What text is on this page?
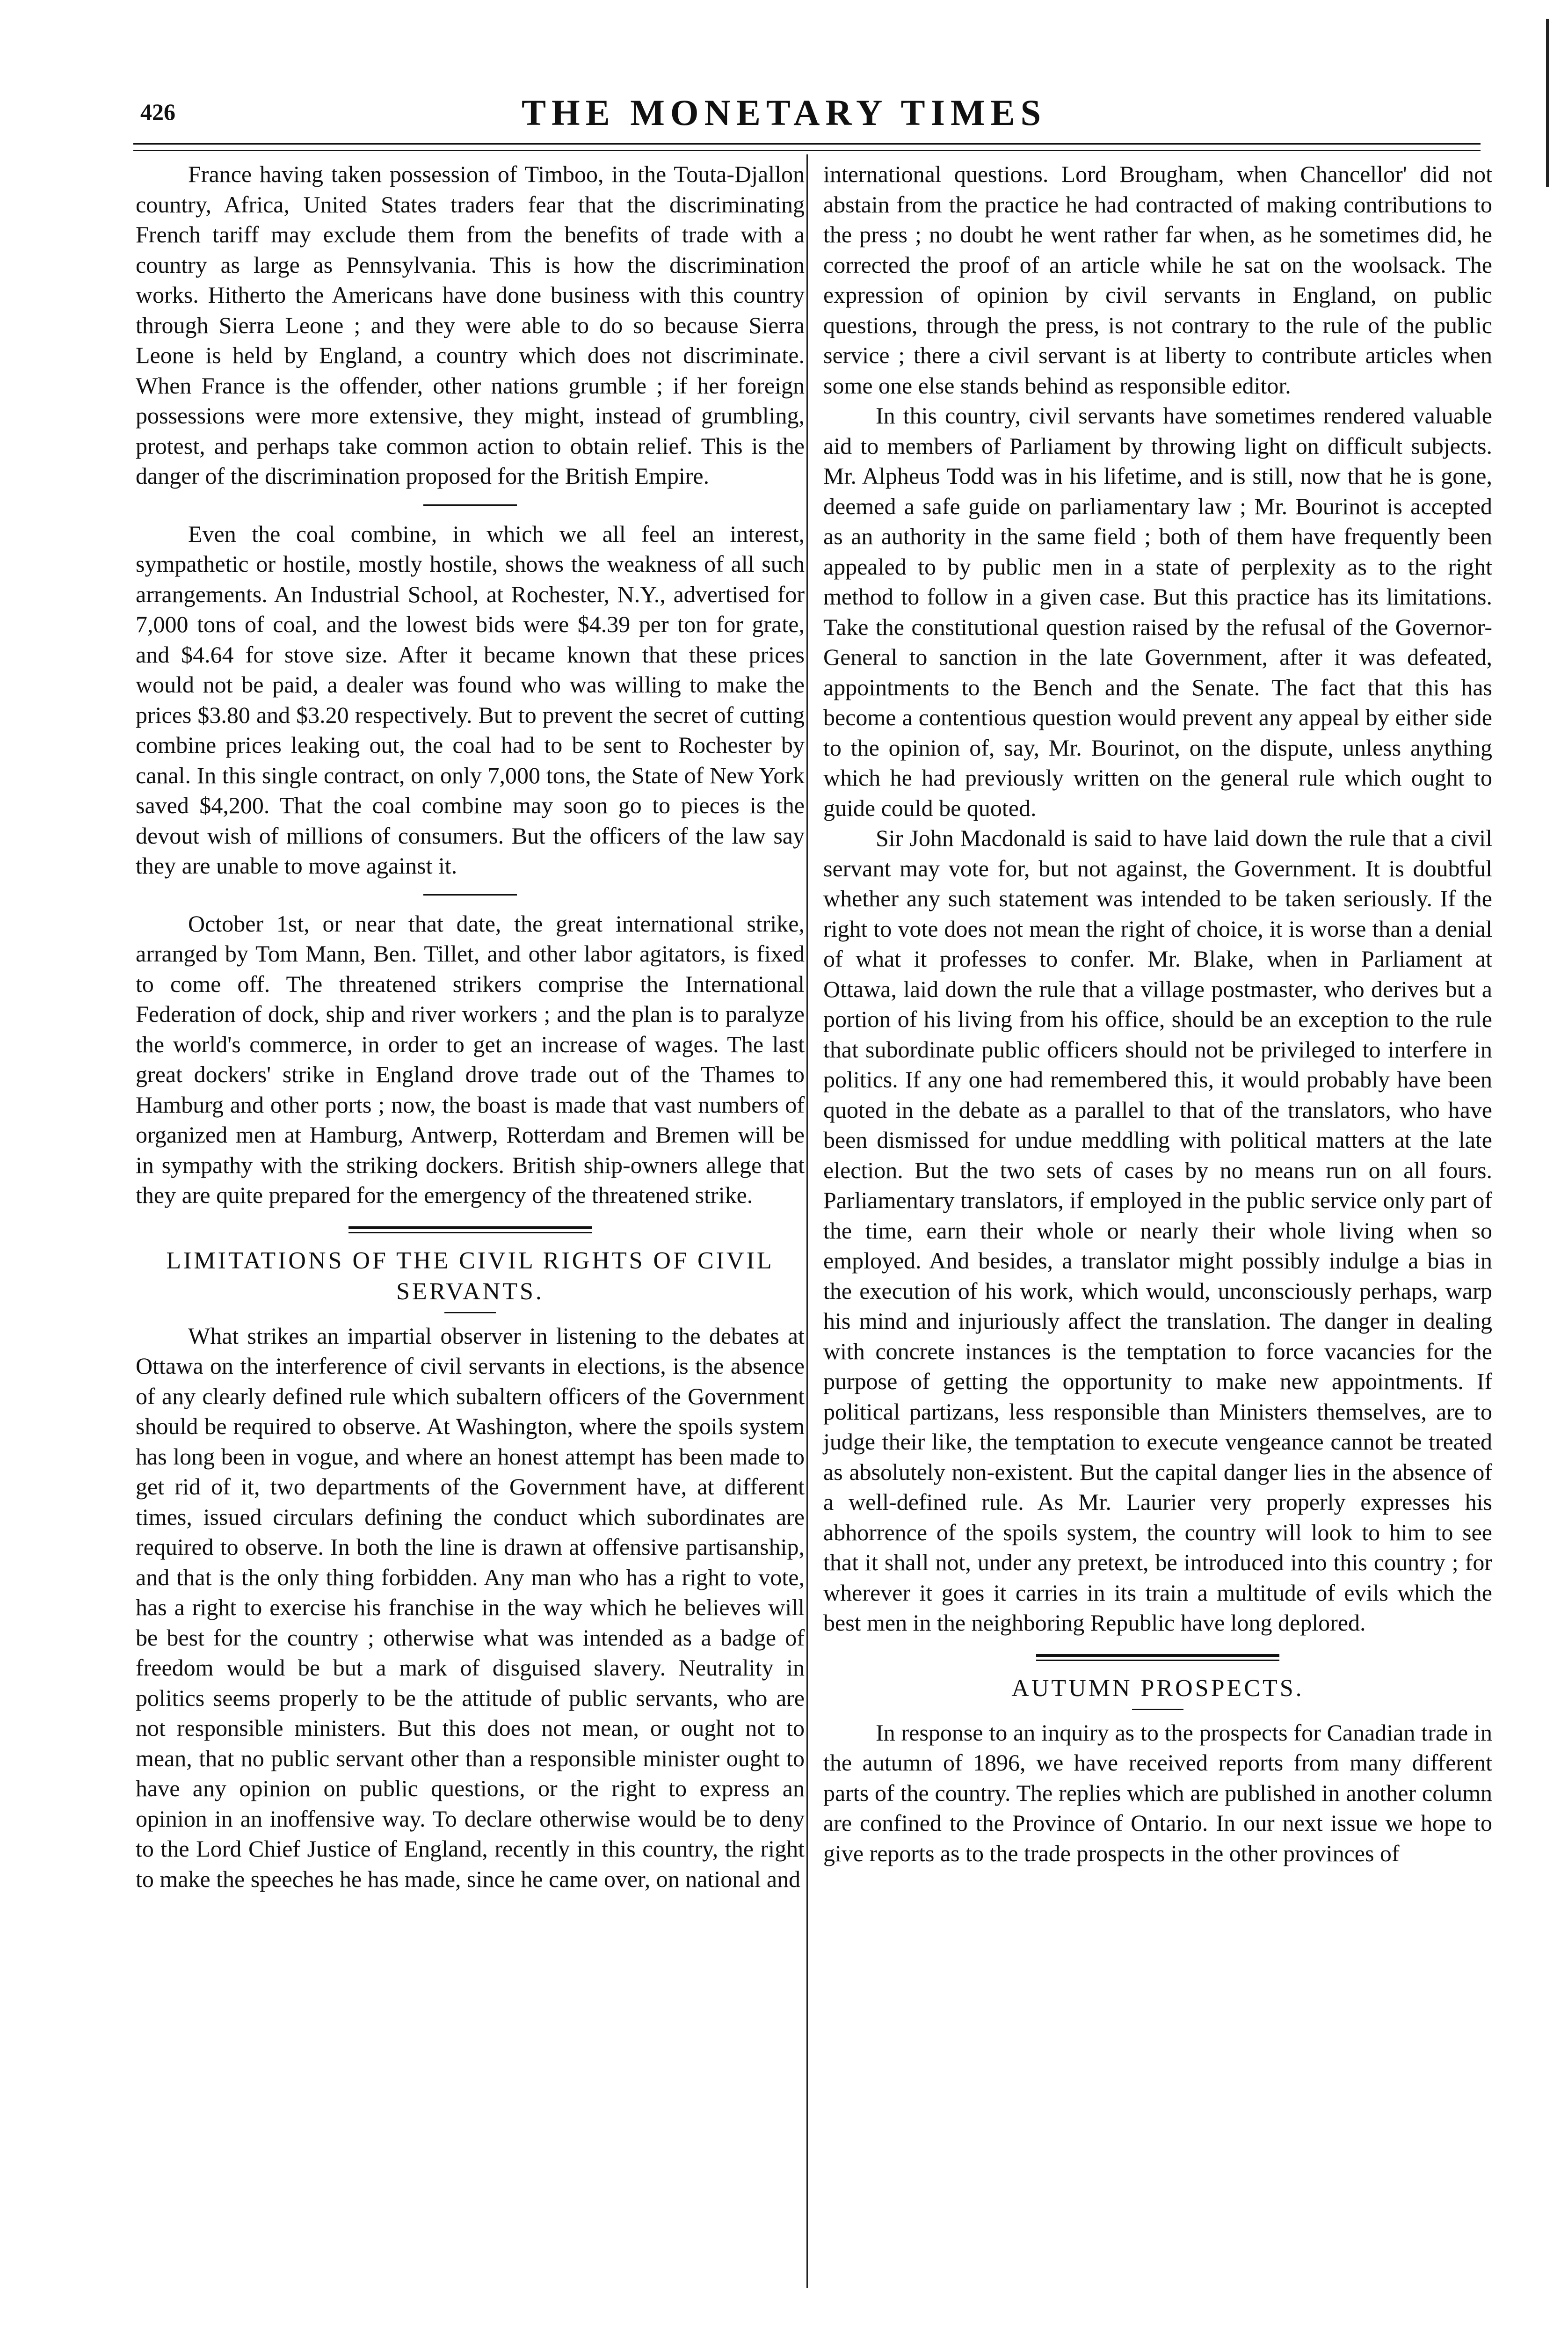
426	THE MONETARY TIMES

France having taken possession of Timboo, in the Touta-Djallon country, Africa, United States traders fear that the discriminating French tariff may exclude them from the benefits of trade with a country as large as Pennsylvania. This is how the discrimination works. Hitherto the Americans have done business with this country through Sierra Leone ; and they were able to do so because Sierra Leone is held by England, a country which does not discriminate. When France is the offender, other nations grumble ; if her foreign possessions were more extensive, they might, instead of grumbling, protest, and perhaps take common action to obtain relief. This is the danger of the discrimination proposed for the British Empire.

Even the coal combine, in which we all feel an interest, sympathetic or hostile, mostly hostile, shows the weakness of all such arrangements. An Industrial School, at Rochester, N.Y., advertised for 7,000 tons of coal, and the lowest bids were $4.39 per ton for grate, and $4.64 for stove size. After it became known that these prices would not be paid, a dealer was found who was willing to make the prices $3.80 and $3.20 respectively. But to prevent the secret of cutting combine prices leaking out, the coal had to be sent to Rochester by canal. In this single contract, on only 7,000 tons, the State of New York saved $4,200. That the coal combine may soon go to pieces is the devout wish of millions of consumers. But the officers of the law say they are unable to move against it.

October 1st, or near that date, the great international strike, arranged by Tom Mann, Ben. Tillet, and other labor agitators, is fixed to come off. The threatened strikers comprise the International Federation of dock, ship and river workers ; and the plan is to paralyze the world's commerce, in order to get an increase of wages. The last great dockers' strike in England drove trade out of the Thames to Hamburg and other ports ; now, the boast is made that vast numbers of organized men at Hamburg, Antwerp, Rotterdam and Bremen will be in sympathy with the striking dockers. British ship-owners allege that they are quite prepared for the emergency of the threatened strike.

LIMITATIONS OF THE CIVIL RIGHTS OF CIVIL SERVANTS.

What strikes an impartial observer in listening to the debates at Ottawa on the interference of civil servants in elections, is the absence of any clearly defined rule which subaltern officers of the Government should be required to observe. At Washington, where the spoils system has long been in vogue, and where an honest attempt has been made to get rid of it, two departments of the Government have, at different times, issued circulars defining the conduct which subordinates are required to observe. In both the line is drawn at offensive partisanship, and that is the only thing forbidden. Any man who has a right to vote, has a right to exercise his franchise in the way which he believes will be best for the country ; otherwise what was intended as a badge of freedom would be but a mark of disguised slavery. Neutrality in politics seems properly to be the attitude of public servants, who are not responsible ministers. But this does not mean, or ought not to mean, that no public servant other than a responsible minister ought to have any opinion on public questions, or the right to express an opinion in an inoffensive way. To declare otherwise would be to deny to the Lord Chief Justice of England, recently in this country, the right to make the speeches he has made, since he came over, on national and

international questions. Lord Brougham, when Chancellor' did not abstain from the practice he had contracted of making contributions to the press ; no doubt he went rather far when, as he sometimes did, he corrected the proof of an article while he sat on the woolsack. The expression of opinion by civil servants in England, on public questions, through the press, is not contrary to the rule of the public service ; there a civil servant is at liberty to contribute articles when some one else stands behind as responsible editor.

In this country, civil servants have sometimes rendered valuable aid to members of Parliament by throwing light on difficult subjects. Mr. Alpheus Todd was in his lifetime, and is still, now that he is gone, deemed a safe guide on parliamentary law ; Mr. Bourinot is accepted as an authority in the same field ; both of them have frequently been appealed to by public men in a state of perplexity as to the right method to follow in a given case. But this practice has its limitations. Take the constitutional question raised by the refusal of the Governor-General to sanction in the late Government, after it was defeated, appointments to the Bench and the Senate. The fact that this has become a contentious question would prevent any appeal by either side to the opinion of, say, Mr. Bourinot, on the dispute, unless anything which he had previously written on the general rule which ought to guide could be quoted.

Sir John Macdonald is said to have laid down the rule that a civil servant may vote for, but not against, the Government. It is doubtful whether any such statement was intended to be taken seriously. If the right to vote does not mean the right of choice, it is worse than a denial of what it professes to confer. Mr. Blake, when in Parliament at Ottawa, laid down the rule that a village postmaster, who derives but a portion of his living from his office, should be an exception to the rule that subordinate public officers should not be privileged to interfere in politics. If any one had remembered this, it would probably have been quoted in the debate as a parallel to that of the translators, who have been dismissed for undue meddling with political matters at the late election. But the two sets of cases by no means run on all fours. Parliamentary translators, if employed in the public service only part of the time, earn their whole or nearly their whole living when so employed. And besides, a translator might possibly indulge a bias in the execution of his work, which would, unconsciously perhaps, warp his mind and injuriously affect the translation. The danger in dealing with concrete instances is the temptation to force vacancies for the purpose of getting the opportunity to make new appointments. If political partizans, less responsible than Ministers themselves, are to judge their like, the temptation to execute vengeance cannot be treated as absolutely non-existent. But the capital danger lies in the absence of a well-defined rule. As Mr. Laurier very properly expresses his abhorrence of the spoils system, the country will look to him to see that it shall not, under any pretext, be introduced into this country ; for wherever it goes it carries in its train a multitude of evils which the best men in the neighboring Republic have long deplored.

AUTUMN PROSPECTS.

In response to an inquiry as to the prospects for Canadian trade in the autumn of 1896, we have received reports from many different parts of the country. The replies which are published in another column are confined to the Province of Ontario. In our next issue we hope to give reports as to the trade prospects in the other provinces of
